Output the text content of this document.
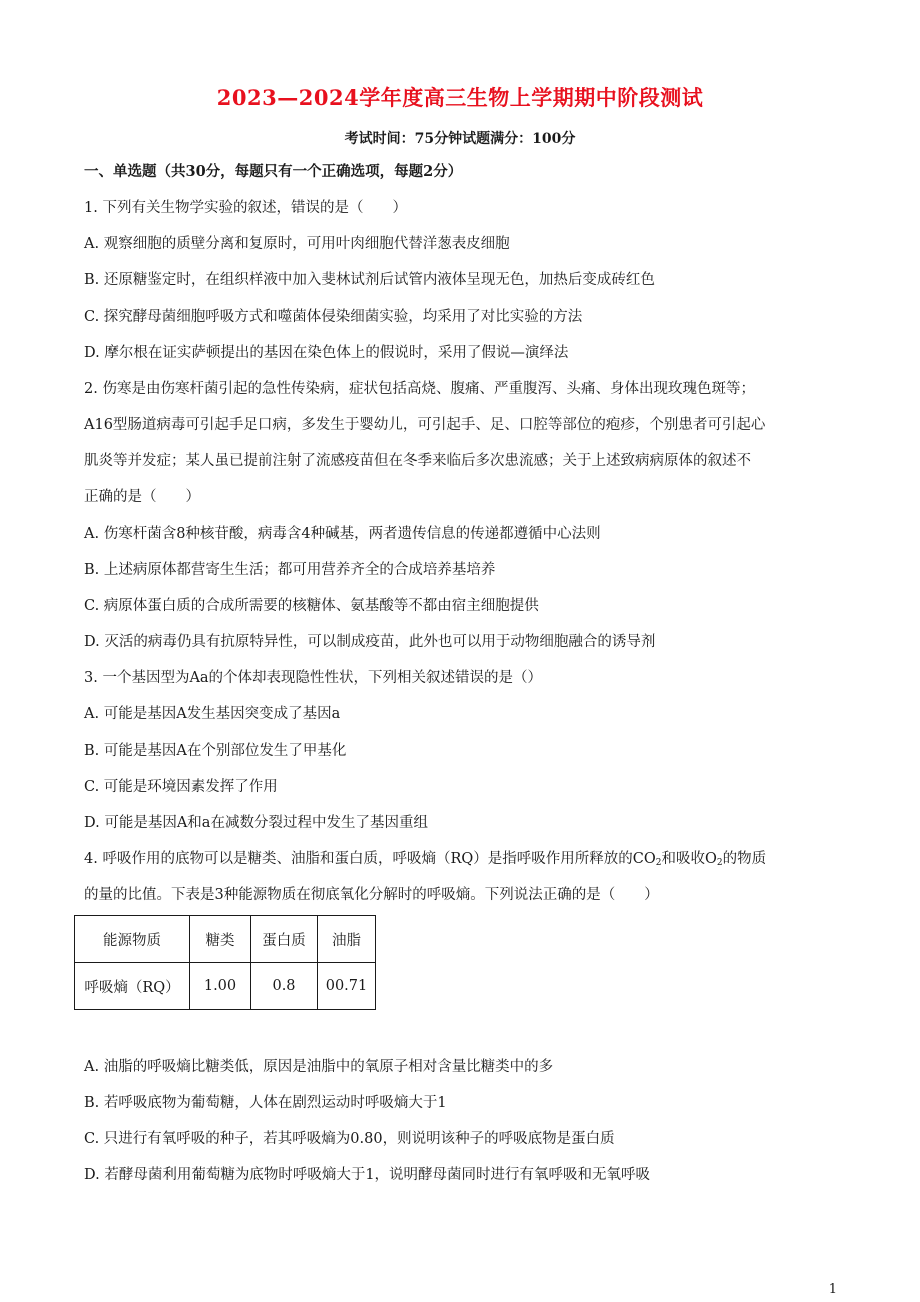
2023—2024学年度高三生物上学期期中阶段测试
考试时间：75分钟试题满分：100分
一、单选题（共30分，每题只有一个正确选项，每题2分）
1. 下列有关生物学实验的叙述，错误的是（　　）
A. 观察细胞的质壁分离和复原时，可用叶肉细胞代替洋葱表皮细胞
B. 还原糖鉴定时，在组织样液中加入斐林试剂后试管内液体呈现无色，加热后变成砖红色
C. 探究酵母菌细胞呼吸方式和噬菌体侵染细菌实验，均采用了对比实验的方法
D. 摩尔根在证实萨顿提出的基因在染色体上的假说时，采用了假说—演绎法
2. 伤寒是由伤寒杆菌引起的急性传染病，症状包括高烧、腹痛、严重腹泻、头痛、身体出现玫瑰色斑等；
A16型肠道病毒可引起手足口病，多发生于婴幼儿，可引起手、足、口腔等部位的疱疹，个别患者可引起心
肌炎等并发症；某人虽已提前注射了流感疫苗但在冬季来临后多次患流感；关于上述致病病原体的叙述不
正确的是（　　）
A. 伤寒杆菌含8种核苷酸，病毒含4种碱基，两者遗传信息的传递都遵循中心法则
B. 上述病原体都营寄生生活；都可用营养齐全的合成培养基培养
C. 病原体蛋白质的合成所需要的核糖体、氨基酸等不都由宿主细胞提供
D. 灭活的病毒仍具有抗原特异性，可以制成疫苗，此外也可以用于动物细胞融合的诱导剂
3. 一个基因型为Aa的个体却表现隐性性状，下列相关叙述错误的是（）
A. 可能是基因A发生基因突变成了基因a
B. 可能是基因A在个别部位发生了甲基化
C. 可能是环境因素发挥了作用
D. 可能是基因A和a在减数分裂过程中发生了基因重组
4. 呼吸作用的底物可以是糖类、油脂和蛋白质，呼吸熵（RQ）是指呼吸作用所释放的$CO_2$和吸收$O_2$的物质
的量的比值。下表是3种能源物质在彻底氧化分解时的呼吸熵。下列说法正确的是（　　）
能源物质	糖类	蛋白质	油脂
呼吸熵（RQ）	1.00	0.8	00.71
A. 油脂的呼吸熵比糖类低，原因是油脂中的氧原子相对含量比糖类中的多
B. 若呼吸底物为葡萄糖，人体在剧烈运动时呼吸熵大于1
C. 只进行有氧呼吸的种子，若其呼吸熵为0.80，则说明该种子的呼吸底物是蛋白质
D. 若酵母菌利用葡萄糖为底物时呼吸熵大于1，说明酵母菌同时进行有氧呼吸和无氧呼吸
1
